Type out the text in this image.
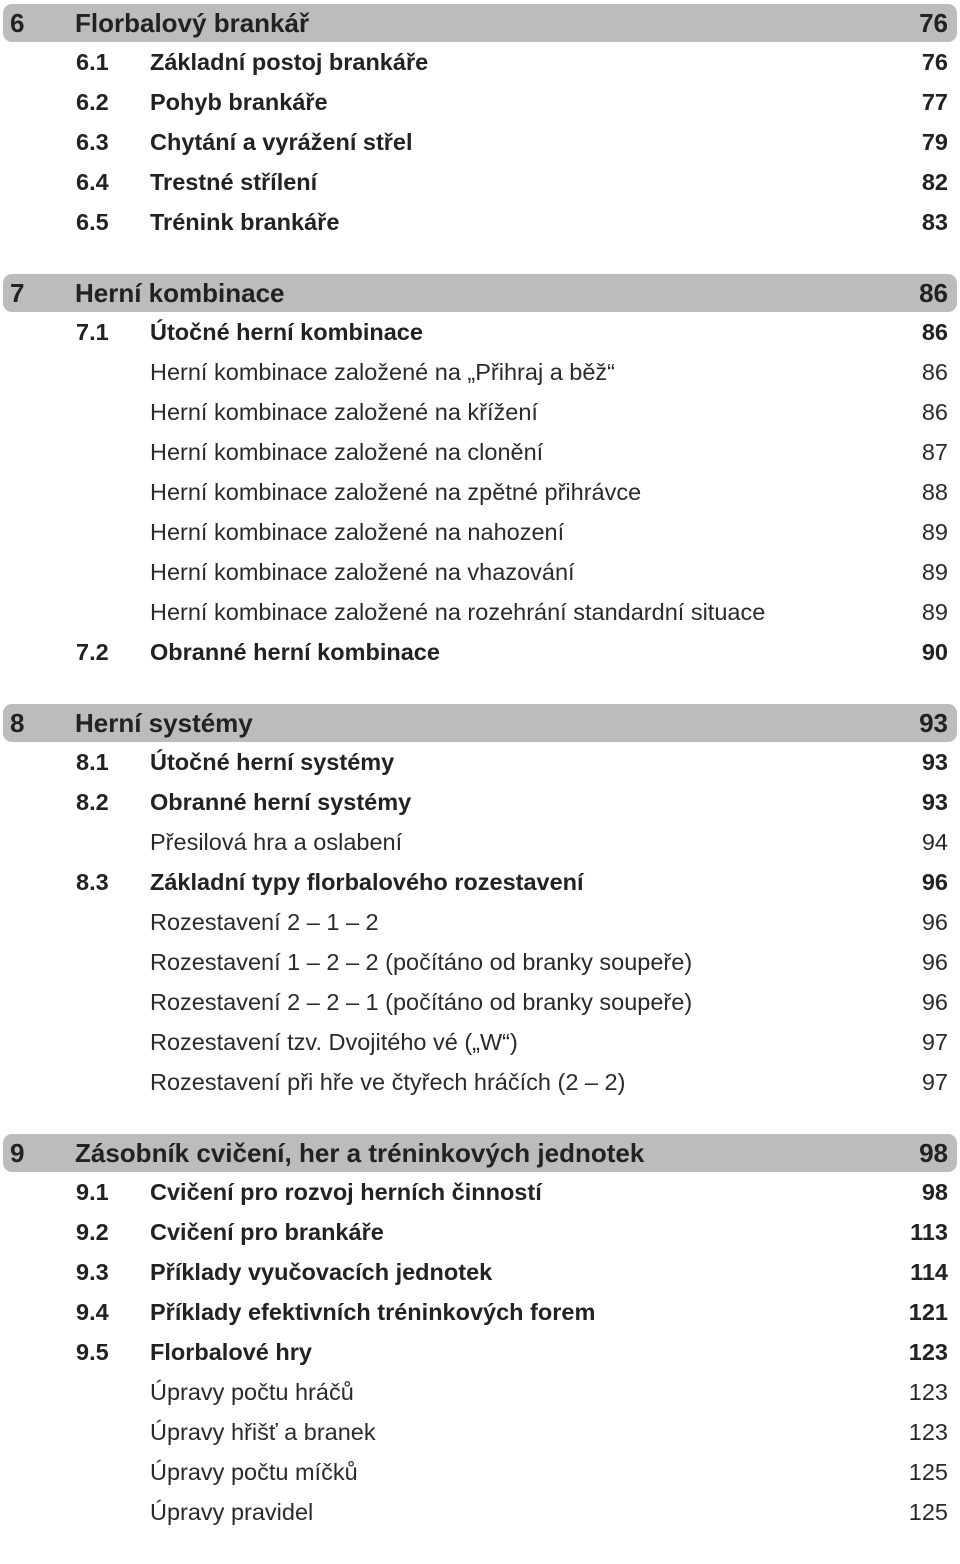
6 Florbalový brankář	76
6.1 Základní postoj brankáře	76
6.2 Pohyb brankáře	77
6.3 Chytání a vyrážení střel	79
6.4 Trestné střílení	82
6.5 Trénink brankáře	83
7 Herní kombinace	86
7.1 Útočné herní kombinace	86
Herní kombinace založené na „Přihraj a běž“	86
Herní kombinace založené na křížení	86
Herní kombinace založené na clonění	87
Herní kombinace založené na zpětné přihrávce	88
Herní kombinace založené na nahození	89
Herní kombinace založené na vhazování	89
Herní kombinace založené na rozehrání standardní situace	89
7.2 Obranné herní kombinace	90
8 Herní systémy	93
8.1 Útočné herní systémy	93
8.2 Obranné herní systémy	93
Přesilová hra a oslabení	94
8.3 Základní typy florbalového rozestavení	96
Rozestavení 2 – 1 – 2	96
Rozestavení 1 – 2 – 2 (počítáno od branky soupeře)	96
Rozestavení 2 – 2 – 1 (počítáno od branky soupeře)	96
Rozestavení tzv. Dvojitého vé („W“)	97
Rozestavení při hře ve čtyřech hráčích (2 – 2)	97
9 Zásobník cvičení, her a tréninkových jednotek	98
9.1 Cvičení pro rozvoj herních činností	98
9.2 Cvičení pro brankáře	113
9.3 Příklady vyučovacích jednotek	114
9.4 Příklady efektivních tréninkových forem	121
9.5 Florbalové hry	123
Úpravy počtu hráčů	123
Úpravy hřišť a branek	123
Úpravy počtu míčků	125
Úpravy pravidel	125
